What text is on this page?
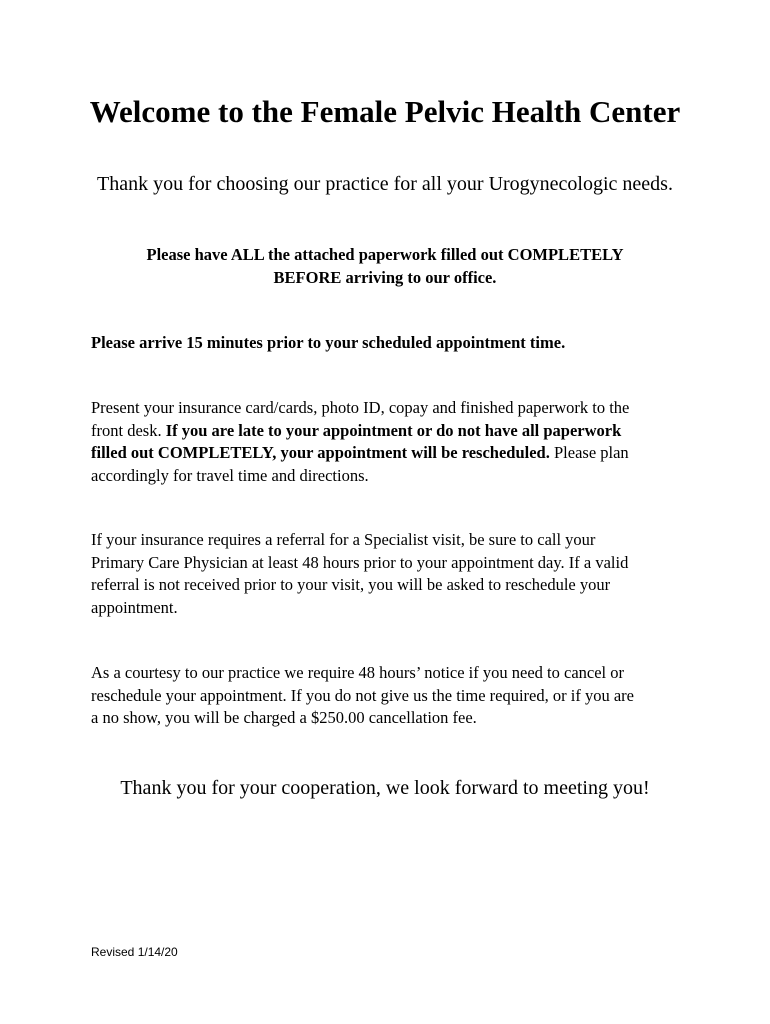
Welcome to the Female Pelvic Health Center
Thank you for choosing our practice for all your Urogynecologic needs.
Please have ALL the attached paperwork filled out COMPLETELY
BEFORE arriving to our office.
Please arrive 15 minutes prior to your scheduled appointment time.
Present your insurance card/cards, photo ID, copay and finished paperwork to the
front desk. If you are late to your appointment or do not have all paperwork
filled out COMPLETELY, your appointment will be rescheduled. Please plan
accordingly for travel time and directions.
If your insurance requires a referral for a Specialist visit, be sure to call your
Primary Care Physician at least 48 hours prior to your appointment day. If a valid
referral is not received prior to your visit, you will be asked to reschedule your
appointment.
As a courtesy to our practice we require 48 hours’ notice if you need to cancel or
reschedule your appointment. If you do not give us the time required, or if you are
a no show, you will be charged a $250.00 cancellation fee.
Thank you for your cooperation, we look forward to meeting you!
Revised 1/14/20
